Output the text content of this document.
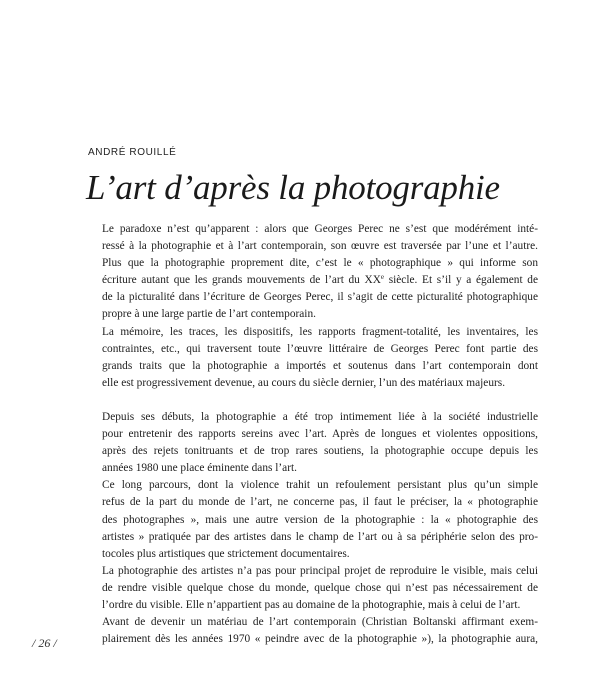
ANDRÉ ROUILLÉ
L’art d’après la photographie

Le paradoxe n’est qu’apparent : alors que Georges Perec ne s’est que modérément inté-
ressé à la photographie et à l’art contemporain, son œuvre est traversée par l’une et l’autre.
Plus que la photographie proprement dite, c’est le « photographique » qui informe son
écriture autant que les grands mouvements de l’art du XXe siècle. Et s’il y a également de
de la picturalité dans l’écriture de Georges Perec, il s’agit de cette picturalité photographique
propre à une large partie de l’art contemporain.

La mémoire, les traces, les dispositifs, les rapports fragment-totalité, les inventaires, les
contraintes, etc., qui traversent toute l’œuvre littéraire de Georges Perec font partie des
grands traits que la photographie a importés et soutenus dans l’art contemporain dont
elle est progressivement devenue, au cours du siècle dernier, l’un des matériaux majeurs.

Depuis ses débuts, la photographie a été trop intimement liée à la société industrielle
pour entretenir des rapports sereins avec l’art. Après de longues et violentes oppositions,
après des rejets tonitruants et de trop rares soutiens, la photographie occupe depuis les
années 1980 une place éminente dans l’art.

Ce long parcours, dont la violence trahit un refoulement persistant plus qu’un simple
refus de la part du monde de l’art, ne concerne pas, il faut le préciser, la « photographie
des photographes », mais une autre version de la photographie : la « photographie des
artistes » pratiquée par des artistes dans le champ de l’art ou à sa périphérie selon des pro-
tocoles plus artistiques que strictement documentaires.

La photographie des artistes n’a pas pour principal projet de reproduire le visible, mais celui
de rendre visible quelque chose du monde, quelque chose qui n’est pas nécessairement de
l’ordre du visible. Elle n’appartient pas au domaine de la photographie, mais à celui de l’art.

Avant de devenir un matériau de l’art contemporain (Christian Boltanski affirmant exem-
plairement dès les années 1970 « peindre avec de la photographie »), la photographie aura,

/ 26 /
